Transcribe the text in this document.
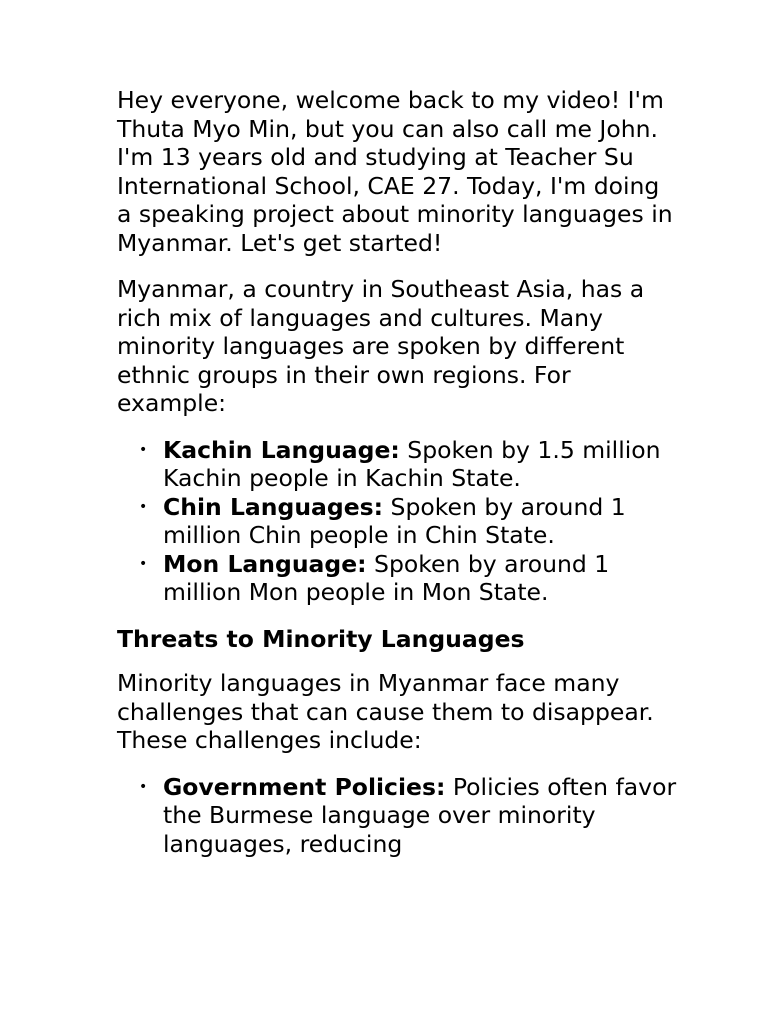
Hey everyone, welcome back to my video! I'm Thuta Myo Min, but you can also call me John. I'm 13 years old and studying at Teacher Su International School, CAE 27. Today, I'm doing a speaking project about minority languages in Myanmar. Let's get started!

Myanmar, a country in Southeast Asia, has a rich mix of languages and cultures. Many minority languages are spoken by different ethnic groups in their own regions. For example:

• Kachin Language: Spoken by 1.5 million Kachin people in Kachin State.
• Chin Languages: Spoken by around 1 million Chin people in Chin State.
• Mon Language: Spoken by around 1 million Mon people in Mon State.
Threats to Minority Languages

Minority languages in Myanmar face many challenges that can cause them to disappear. These challenges include:

• Government Policies: Policies often favor the Burmese language over minority languages, reducing
